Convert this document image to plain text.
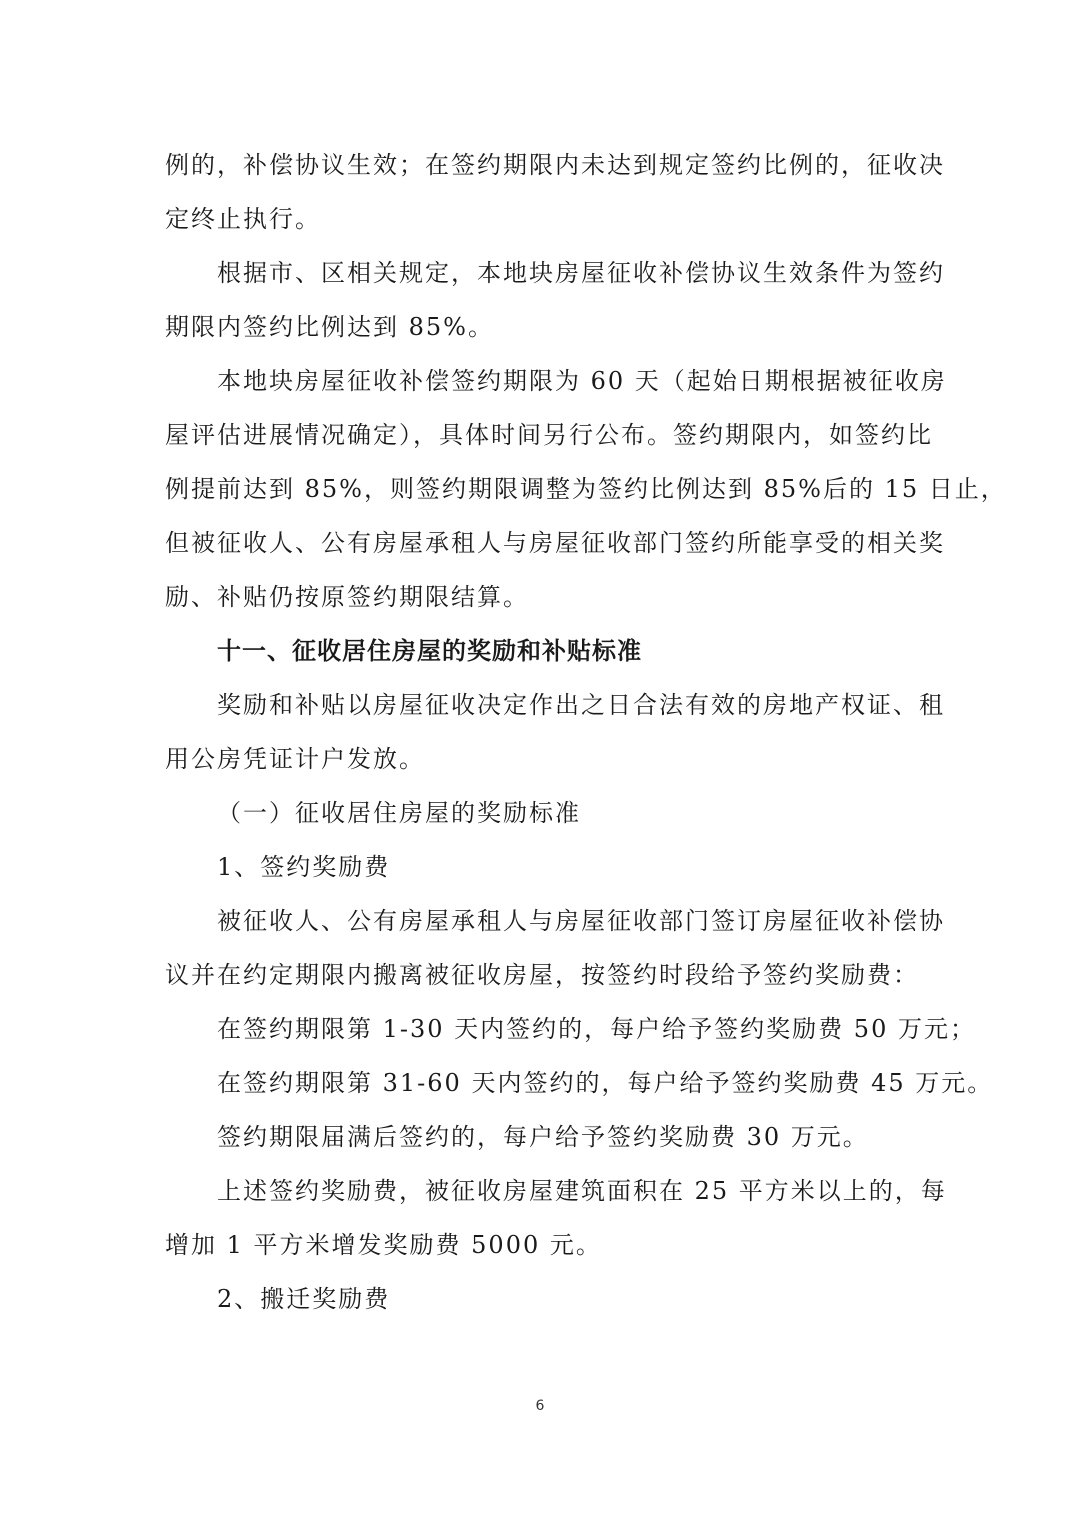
例的，补偿协议生效；在签约期限内未达到规定签约比例的，征收决
定终止执行。
根据市、区相关规定，本地块房屋征收补偿协议生效条件为签约
期限内签约比例达到 85%。
本地块房屋征收补偿签约期限为 60 天（起始日期根据被征收房
屋评估进展情况确定），具体时间另行公布。签约期限内，如签约比
例提前达到 85%，则签约期限调整为签约比例达到 85%后的 15 日止，
但被征收人、公有房屋承租人与房屋征收部门签约所能享受的相关奖
励、补贴仍按原签约期限结算。
十一、征收居住房屋的奖励和补贴标准
奖励和补贴以房屋征收决定作出之日合法有效的房地产权证、租
用公房凭证计户发放。
（一）征收居住房屋的奖励标准
1、签约奖励费
被征收人、公有房屋承租人与房屋征收部门签订房屋征收补偿协
议并在约定期限内搬离被征收房屋，按签约时段给予签约奖励费：
在签约期限第 1-30 天内签约的，每户给予签约奖励费 50 万元；
在签约期限第 31-60 天内签约的，每户给予签约奖励费 45 万元。
签约期限届满后签约的，每户给予签约奖励费 30 万元。
上述签约奖励费，被征收房屋建筑面积在 25 平方米以上的，每
增加 1 平方米增发奖励费 5000 元。
2、搬迁奖励费
6
